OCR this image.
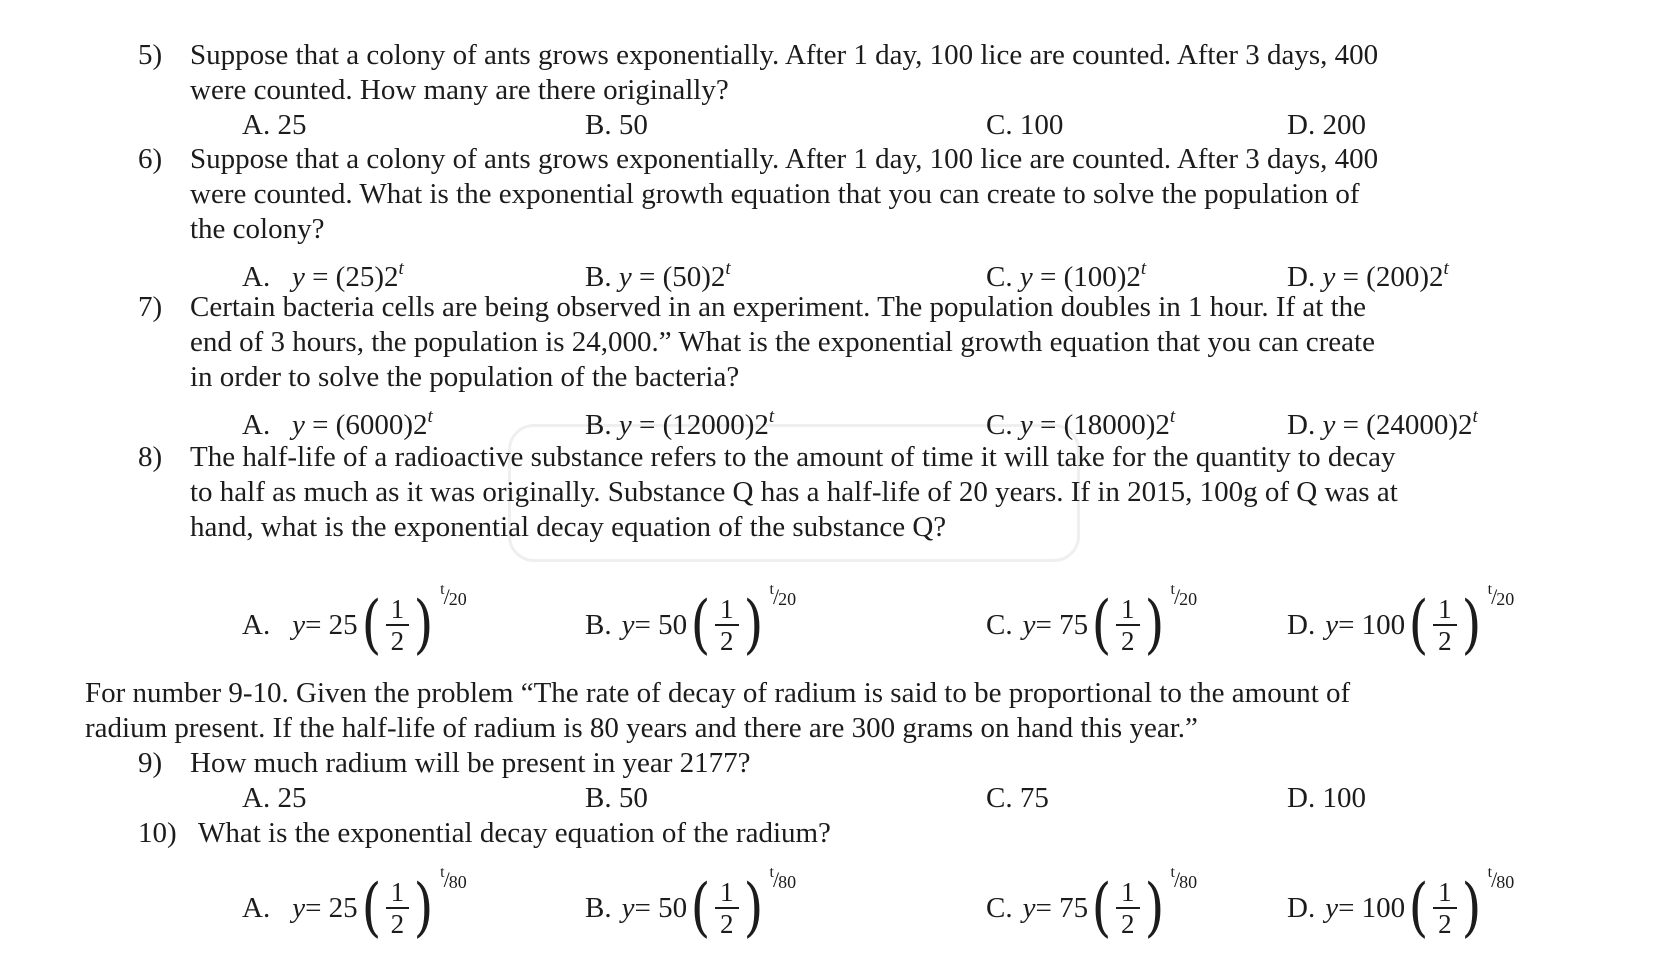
5) Suppose that a colony of ants grows exponentially. After 1 day, 100 lice are counted. After 3 days, 400
were counted. How many are there originally?
A. 25	B. 50	C. 100	D. 200
6) Suppose that a colony of ants grows exponentially. After 1 day, 100 lice are counted. After 3 days, 400
were counted. What is the exponential growth equation that you can create to solve the population of
the colony?
A. $y = (25)2^t$	B. $y = (50)2^t$	C. $y = (100)2^t$	D. $y = (200)2^t$
7) Certain bacteria cells are being observed in an experiment. The population doubles in 1 hour. If at the
end of 3 hours, the population is 24,000.” What is the exponential growth equation that you can create
in order to solve the population of the bacteria?
A. $y = (6000)2^t$	B. $y = (12000)2^t$	C. $y = (18000)2^t$	D. $y = (24000)2^t$
8) The half-life of a radioactive substance refers to the amount of time it will take for the quantity to decay
to half as much as it was originally. Substance Q has a half-life of 20 years. If in 2015, 100g of Q was at
hand, what is the exponential decay equation of the substance Q?
A. y = 25 ( $\frac{1}{2}$ ) t / 20
B. y = 50 ( $\frac{1}{2}$ ) t / 20
C. y = 75 ( $\frac{1}{2}$ ) t / 20
D. y = 100 ( $\frac{1}{2}$ ) t / 20
For number 9-10. Given the problem “The rate of decay of radium is said to be proportional to the amount of
radium present. If the half-life of radium is 80 years and there are 300 grams on hand this year.”
9) How much radium will be present in year 2177?
A. 25	B. 50	C. 75	D. 100
10) What is the exponential decay equation of the radium?
A. y = 25 ( $\frac{1}{2}$ ) t / 80
B. y = 50 ( $\frac{1}{2}$ ) t / 80
C. y = 75 ( $\frac{1}{2}$ ) t / 80
D. y = 100 ( $\frac{1}{2}$ ) t / 80
